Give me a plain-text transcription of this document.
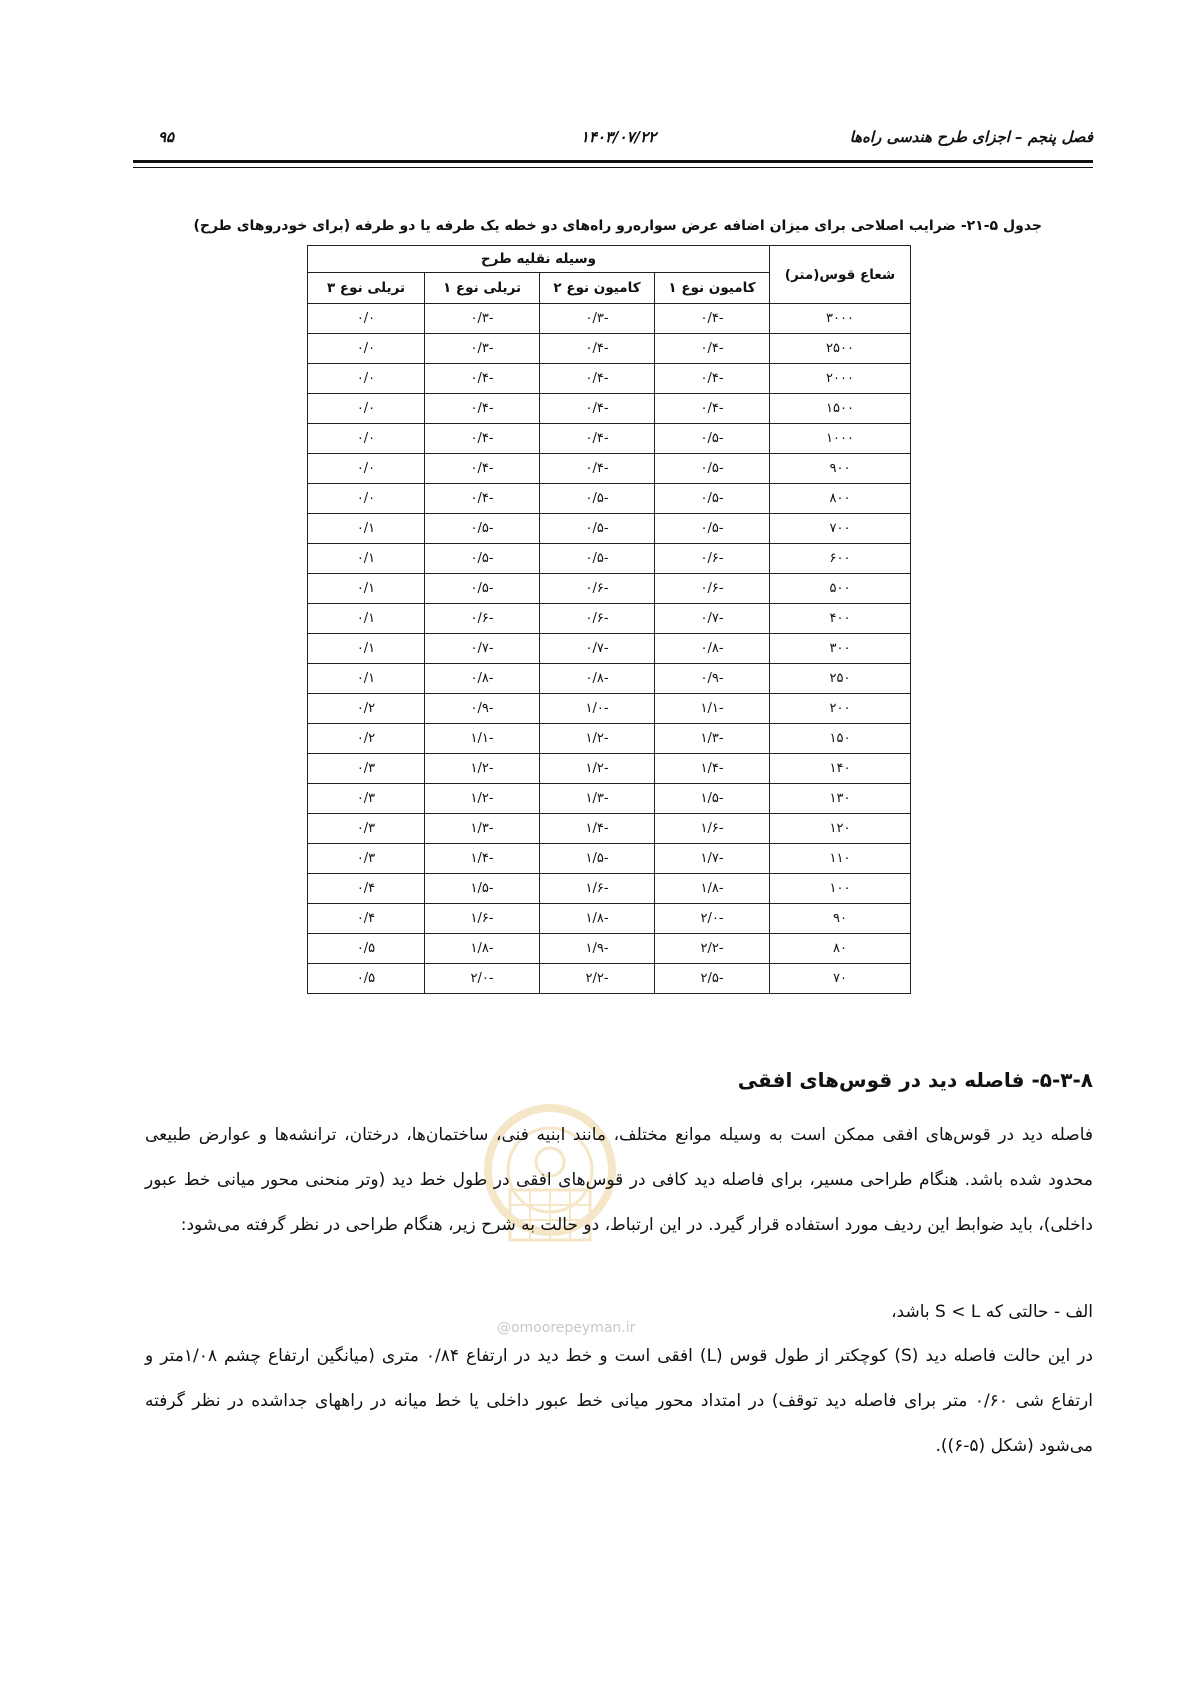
فصل پنجم – اجزای طرح هندسی راه‌ها
۱۴۰۳/۰۷/۲۲
۹۵
جدول ۵-۲۱- ضرایب اصلاحی برای میزان اضافه عرض سواره‌رو راه‌های دو خطه یک طرفه یا دو طرفه (برای خودروهای طرح)
شعاع قوس(متر)	وسیله نقلیه طرح			
	کامیون نوع ۱	کامیون نوع ۲	تریلی نوع ۱	تریلی نوع ۳
۳۰۰۰	-۰/۴	-۰/۳	-۰/۳	۰/۰
۲۵۰۰	-۰/۴	-۰/۴	-۰/۳	۰/۰
۲۰۰۰	-۰/۴	-۰/۴	-۰/۴	۰/۰
۱۵۰۰	-۰/۴	-۰/۴	-۰/۴	۰/۰
۱۰۰۰	-۰/۵	-۰/۴	-۰/۴	۰/۰
۹۰۰	-۰/۵	-۰/۴	-۰/۴	۰/۰
۸۰۰	-۰/۵	-۰/۵	-۰/۴	۰/۰
۷۰۰	-۰/۵	-۰/۵	-۰/۵	۰/۱
۶۰۰	-۰/۶	-۰/۵	-۰/۵	۰/۱
۵۰۰	-۰/۶	-۰/۶	-۰/۵	۰/۱
۴۰۰	-۰/۷	-۰/۶	-۰/۶	۰/۱
۳۰۰	-۰/۸	-۰/۷	-۰/۷	۰/۱
۲۵۰	-۰/۹	-۰/۸	-۰/۸	۰/۱
۲۰۰	-۱/۱	-۱/۰	-۰/۹	۰/۲
۱۵۰	-۱/۳	-۱/۲	-۱/۱	۰/۲
۱۴۰	-۱/۴	-۱/۲	-۱/۲	۰/۳
۱۳۰	-۱/۵	-۱/۳	-۱/۲	۰/۳
۱۲۰	-۱/۶	-۱/۴	-۱/۳	۰/۳
۱۱۰	-۱/۷	-۱/۵	-۱/۴	۰/۳
۱۰۰	-۱/۸	-۱/۶	-۱/۵	۰/۴
۹۰	-۲/۰	-۱/۸	-۱/۶	۰/۴
۸۰	-۲/۲	-۱/۹	-۱/۸	۰/۵
۷۰	-۲/۵	-۲/۲	-۲/۰	۰/۵
@omoorepeyman.ir
۵-۳-۸- فاصله دید در قوس‌های افقی
فاصله دید در قوس‌های افقی ممکن است به وسیله موانع مختلف، مانند ابنیه فنی، ساختمان‌ها، درختان، ترانشه‌ها و عوارض طبیعی محدود شده باشد. هنگام طراحی مسیر، برای فاصله دید کافی در قوس‌های افقی در طول خط دید (وتر منحنی محور میانی خط عبور داخلی)، باید ضوابط این ردیف مورد استفاده قرار گیرد. در این ارتباط، دو حالت به شرح زیر، هنگام طراحی در نظر گرفته می‌شود:
الف - حالتی که S < L باشد،
در این حالت فاصله دید (S) کوچکتر از طول قوس (L) افقی است و خط دید در ارتفاع ۰/۸۴ متری (میانگین ارتفاع چشم ۱/۰۸متر و ارتفاع شی ۰/۶۰ متر برای فاصله دید توقف) در امتداد محور میانی خط عبور داخلی یا خط میانه در راههای جداشده در نظر گرفته می‌شود (شکل (۵-۶)).
